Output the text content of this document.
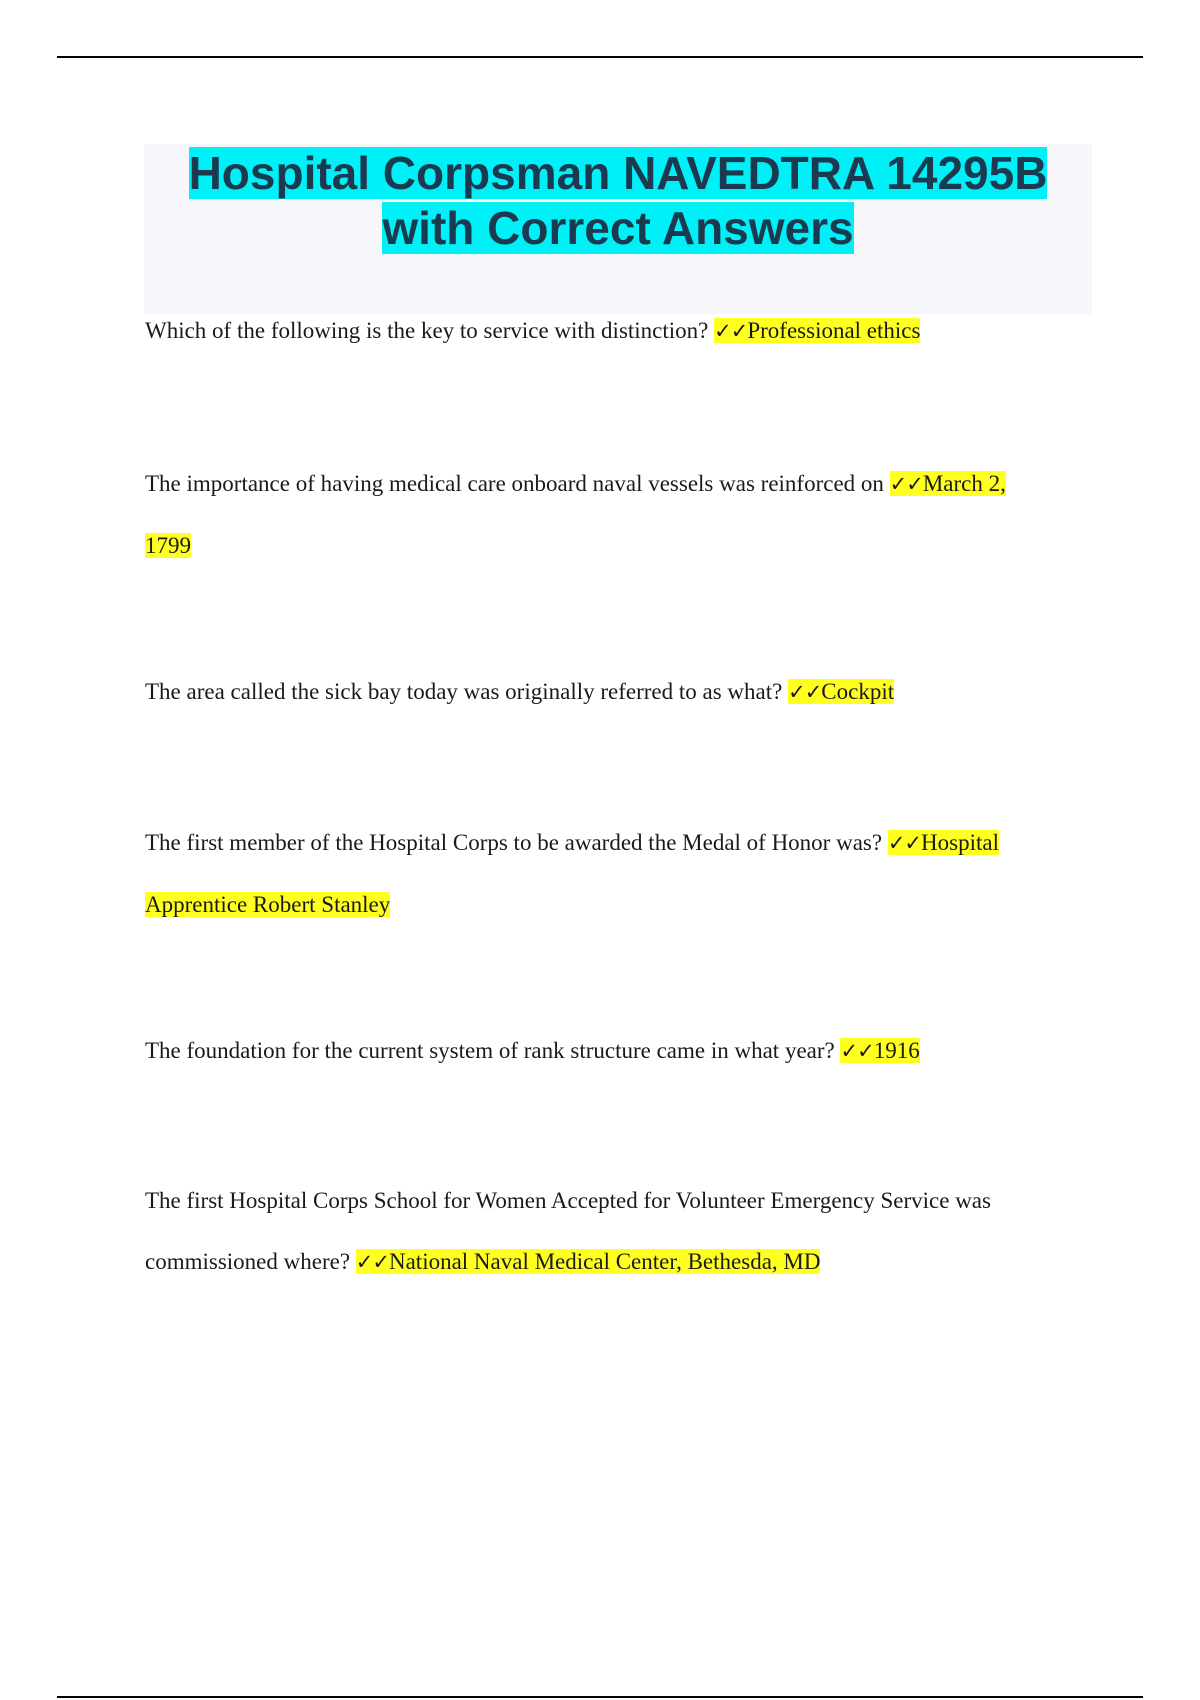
Hospital Corpsman NAVEDTRA 14295B
with Correct Answers

Which of the following is the key to service with distinction? ✓✓Professional ethics

The importance of having medical care onboard naval vessels was reinforced on ✓✓March 2,
1799

The area called the sick bay today was originally referred to as what? ✓✓Cockpit

The first member of the Hospital Corps to be awarded the Medal of Honor was? ✓✓Hospital
Apprentice Robert Stanley

The foundation for the current system of rank structure came in what year? ✓✓1916

The first Hospital Corps School for Women Accepted for Volunteer Emergency Service was
commissioned where? ✓✓National Naval Medical Center, Bethesda, MD
